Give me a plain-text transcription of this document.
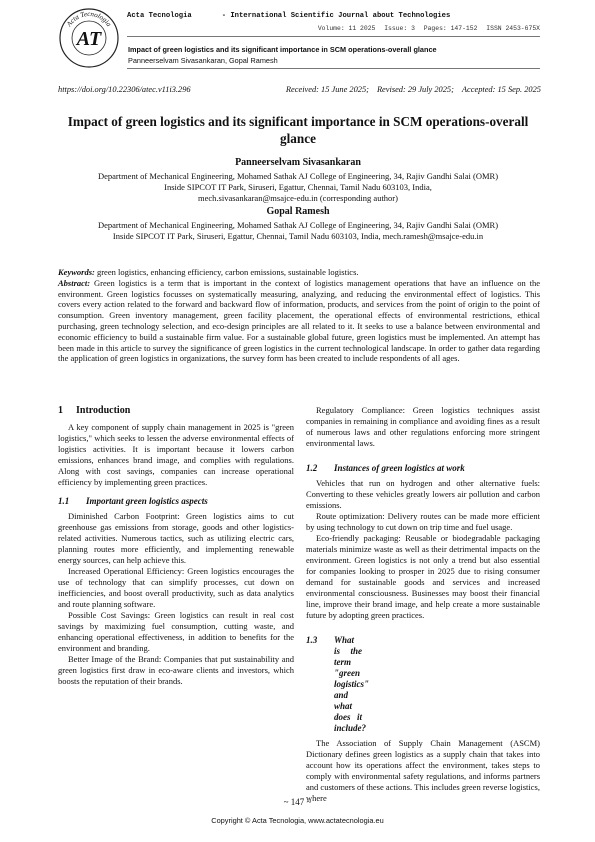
Acta Tecnologia
AT
Acta Tecnologia	- International Scientific Journal about Technologies
Volume: 11 2025 Issue: 3 Pages: 147-152 ISSN 2453-675X
Impact of green logistics and its significant importance in SCM operations-overall glance
Panneerselvam Sivasankaran, Gopal Ramesh
https://doi.org/10.22306/atec.v11i3.296	Received: 15 June 2025; Revised: 29 July 2025; Accepted: 15 Sep. 2025
Impact of green logistics and its significant importance in SCM operations-overall glance
Panneerselvam Sivasankaran
Department of Mechanical Engineering, Mohamed Sathak AJ College of Engineering, 34, Rajiv Gandhi Salai (OMR)
Inside SIPCOT IT Park, Siruseri, Egattur, Chennai, Tamil Nadu 603103, India,
mech.sivasankaran@msajce-edu.in (corresponding author)
Gopal Ramesh
Department of Mechanical Engineering, Mohamed Sathak AJ College of Engineering, 34, Rajiv Gandhi Salai (OMR)
Inside SIPCOT IT Park, Siruseri, Egattur, Chennai, Tamil Nadu 603103, India, mech.ramesh@msajce-edu.in

Keywords: green logistics, enhancing efficiency, carbon emissions, sustainable logistics.

Abstract: Green logistics is a term that is important in the context of logistics management operations that have an influence on the environment. Green logistics focusses on systematically measuring, analyzing, and reducing the environmental effect of logistics. This covers every action related to the forward and backward flow of information, products, and services from the point of origin to the point of consumption. Green inventory management, green facility placement, the operational effects of environmental restrictions, ethical purchasing, green technology selection, and eco-design principles are all related to it. It seeks to use a balance between environmental and economic efficiency to build a sustainable firm value. For a sustainable global future, green logistics must be implemented. An attempt has been made in this article to survey the significance of green logistics in the current technological landscape. In order to gather data regarding the application of green logistics in organizations, the survey form has been created to include respondents of all ages.

1 Introduction

A key component of supply chain management in 2025 is "green logistics," which seeks to lessen the adverse environmental effects of logistics activities. It is important because it lowers carbon emissions, enhances brand image, and complies with regulations. Along with cost savings, companies can increase operational efficiency by implementing green practices.

1.1 Important green logistics aspects

Diminished Carbon Footprint: Green logistics aims to cut greenhouse gas emissions from storage, goods and other logistics-related activities. Numerous tactics, such as utilizing electric cars, planning routes more efficiently, and implementing renewable energy sources, can help achieve this.

Increased Operational Efficiency: Green logistics encourages the use of technology that can simplify processes, cut down on inefficiencies, and boost overall productivity, such as data analytics and route planning software.

Possible Cost Savings: Green logistics can result in real cost savings by maximizing fuel consumption, cutting waste, and enhancing operational effectiveness, in addition to benefits for the environment and branding.

Better Image of the Brand: Companies that put sustainability and green logistics first draw in eco-aware clients and investors, which boosts the reputation of their brands.

Regulatory Compliance: Green logistics techniques assist companies in remaining in compliance and avoiding fines as a result of numerous laws and other regulations enforcing more stringent environmental laws.

1.2 Instances of green logistics at work

Vehicles that run on hydrogen and other alternative fuels: Converting to these vehicles greatly lowers air pollution and carbon emissions.

Route optimization: Delivery routes can be made more efficient by using technology to cut down on trip time and fuel usage.

Eco-friendly packaging: Reusable or biodegradable packaging materials minimize waste as well as their detrimental impacts on the environment. Green logistics is not only a trend but also essential for companies looking to prosper in 2025 due to rising consumer demand for sustainable goods and services and increased environmental consciousness. Businesses may boost their financial line, improve their brand image, and help create a more sustainable future by adopting green practices.

1.3	What is the term "green logistics" and what does it include?

The Association of Supply Chain Management (ASCM) Dictionary defines green logistics as a supply chain that takes into account how its operations affect the environment, takes steps to comply with environmental safety regulations, and informs partners and customers of these actions. This includes green reverse logistics, where

~ 147 ~
Copyright © Acta Tecnologia, www.actatecnologia.eu
